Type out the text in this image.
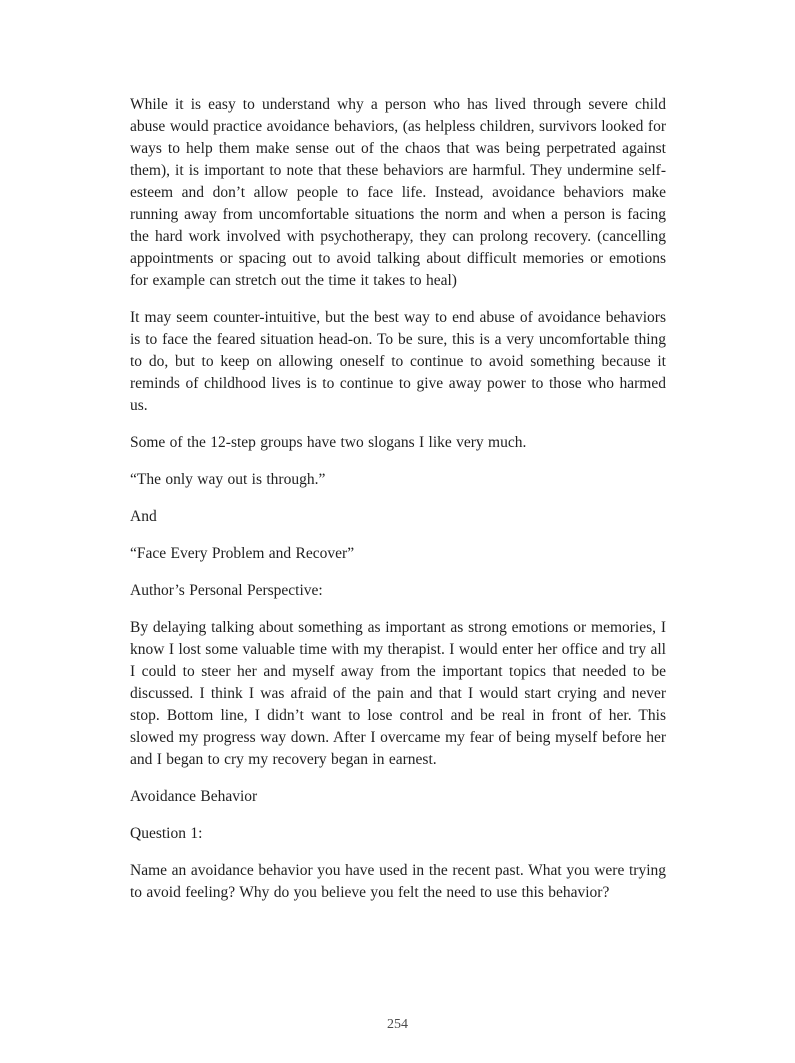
While it is easy to understand why a person who has lived through severe child abuse would practice avoidance behaviors, (as helpless children, survivors looked for ways to help them make sense out of the chaos that was being perpetrated against them), it is important to note that these behaviors are harmful. They undermine self-esteem and don’t allow people to face life. Instead, avoidance behaviors make running away from uncomfortable situations the norm and when a person is facing the hard work involved with psychotherapy, they can prolong recovery. (cancelling appointments or spacing out to avoid talking about difficult memories or emotions for example can stretch out the time it takes to heal)

It may seem counter-intuitive, but the best way to end abuse of avoidance behaviors is to face the feared situation head-on. To be sure, this is a very uncomfortable thing to do, but to keep on allowing oneself to continue to avoid something because it reminds of childhood lives is to continue to give away power to those who harmed us.

Some of the 12-step groups have two slogans I like very much.

“The only way out is through.”

And

“Face Every Problem and Recover”

Author’s Personal Perspective:

By delaying talking about something as important as strong emotions or memories, I know I lost some valuable time with my therapist. I would enter her office and try all I could to steer her and myself away from the important topics that needed to be discussed. I think I was afraid of the pain and that I would start crying and never stop. Bottom line, I didn’t want to lose control and be real in front of her. This slowed my progress way down. After I overcame my fear of being myself before her and I began to cry my recovery began in earnest.

Avoidance Behavior

Question 1:

Name an avoidance behavior you have used in the recent past. What you were trying to avoid feeling? Why do you believe you felt the need to use this behavior?

254
